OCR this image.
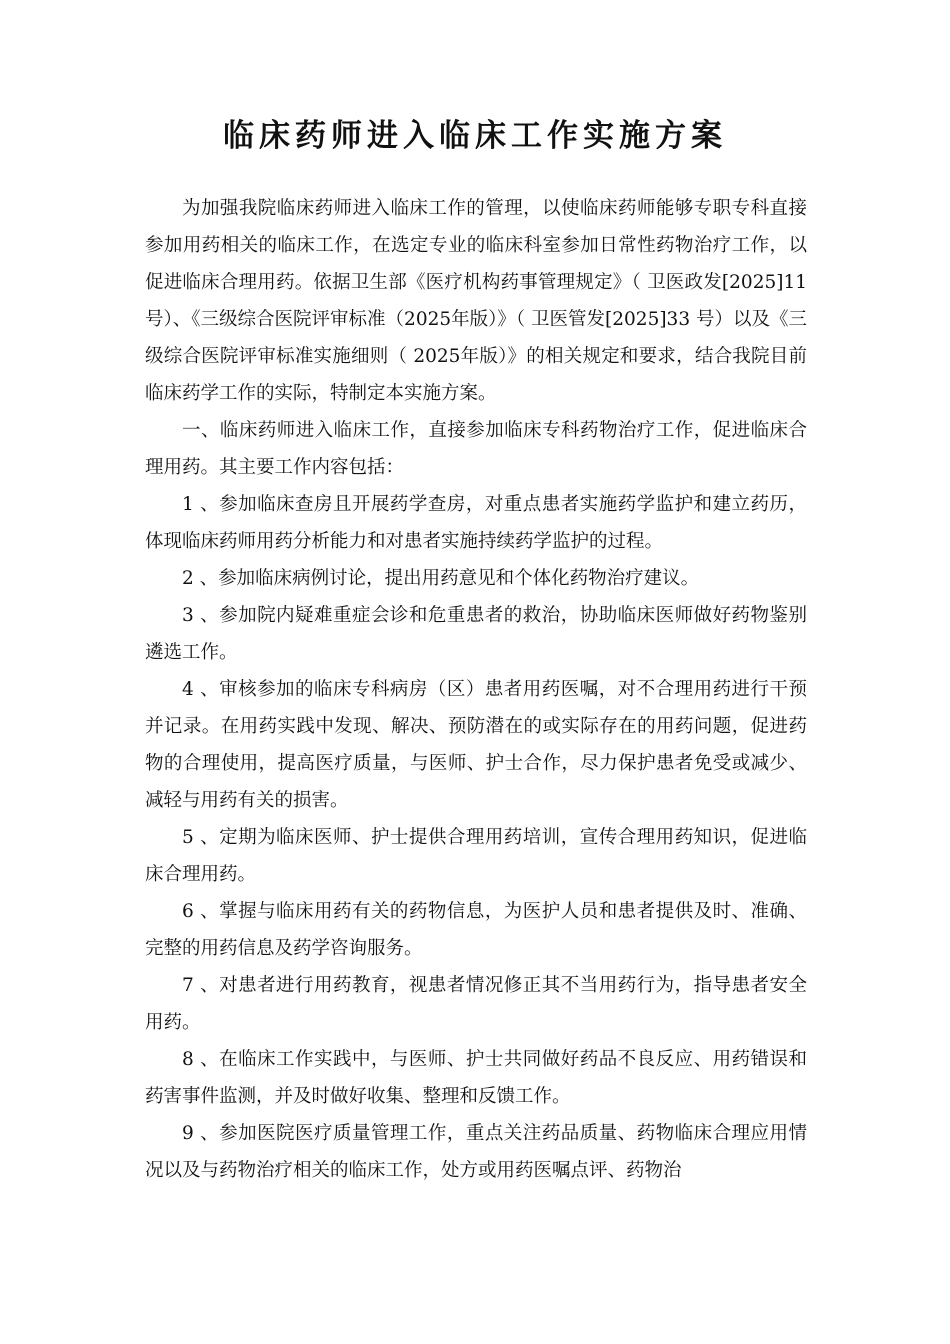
临床药师进入临床工作实施方案

为加强我院临床药师进入临床工作的管理，以使临床药师能够专职专科直接参加用药相关的临床工作，在选定专业的临床科室参加日常性药物治疗工作，以促进临床合理用药。依据卫生部《医疗机构药事管理规定》（ 卫医政发[2025]11 号）、《三级综合医院评审标准（2025年版）》（ 卫医管发[2025]33 号）以及《三级综合医院评审标准实施细则（ 2025年版）》的相关规定和要求，结合我院目前临床药学工作的实际，特制定本实施方案。

一、临床药师进入临床工作，直接参加临床专科药物治疗工作，促进临床合理用药。其主要工作内容包括：

1 、参加临床查房且开展药学查房，对重点患者实施药学监护和建立药历，体现临床药师用药分析能力和对患者实施持续药学监护的过程。

2 、参加临床病例讨论，提出用药意见和个体化药物治疗建议。

3 、参加院内疑难重症会诊和危重患者的救治，协助临床医师做好药物鉴别遴选工作。

4 、审核参加的临床专科病房（区）患者用药医嘱，对不合理用药进行干预并记录。在用药实践中发现、解决、预防潜在的或实际存在的用药问题，促进药物的合理使用，提高医疗质量，与医师、护士合作，尽力保护患者免受或减少、减轻与用药有关的损害。

5 、定期为临床医师、护士提供合理用药培训，宣传合理用药知识，促进临床合理用药。

6 、掌握与临床用药有关的药物信息，为医护人员和患者提供及时、准确、完整的用药信息及药学咨询服务。

7 、对患者进行用药教育，视患者情况修正其不当用药行为，指导患者安全用药。

8 、在临床工作实践中，与医师、护士共同做好药品不良反应、用药错误和药害事件监测，并及时做好收集、整理和反馈工作。

9 、参加医院医疗质量管理工作，重点关注药品质量、药物临床合理应用情况以及与药物治疗相关的临床工作，处方或用药医嘱点评、药物治
